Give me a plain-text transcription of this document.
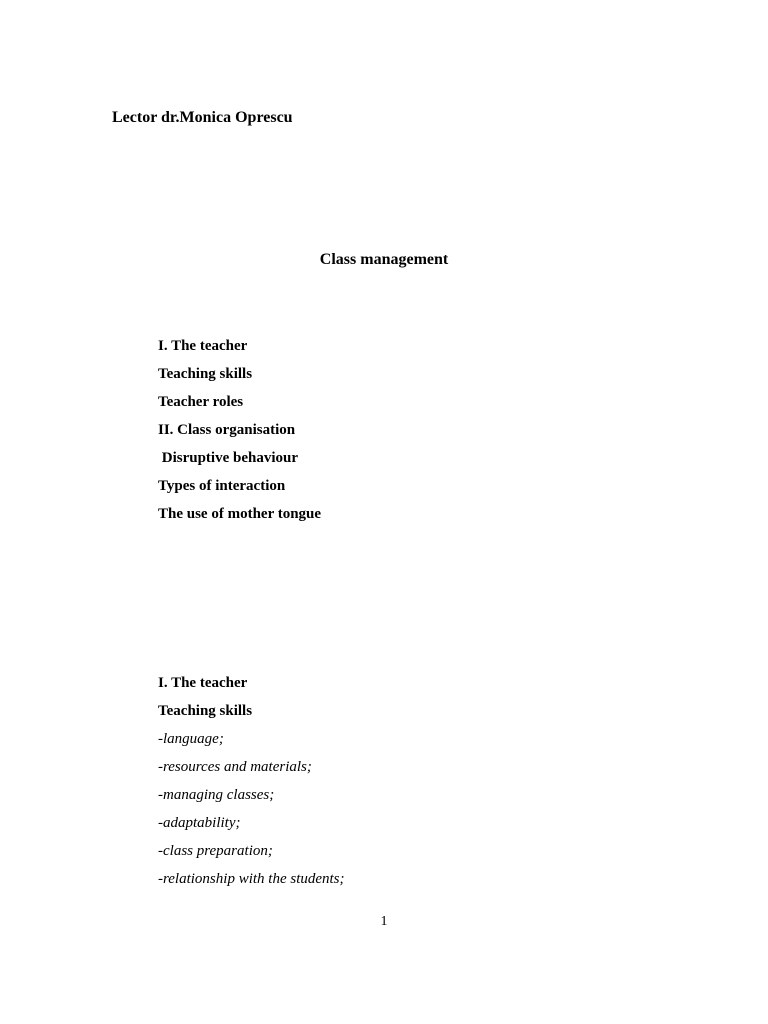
Lector dr.Monica Oprescu
Class management
I. The teacher
Teaching skills
Teacher roles
II. Class organisation
Disruptive behaviour
Types of interaction
The use of mother tongue
I. The teacher
Teaching skills
-language;
-resources and materials;
-managing classes;
-adaptability;
-class preparation;
-relationship with the students;
1
